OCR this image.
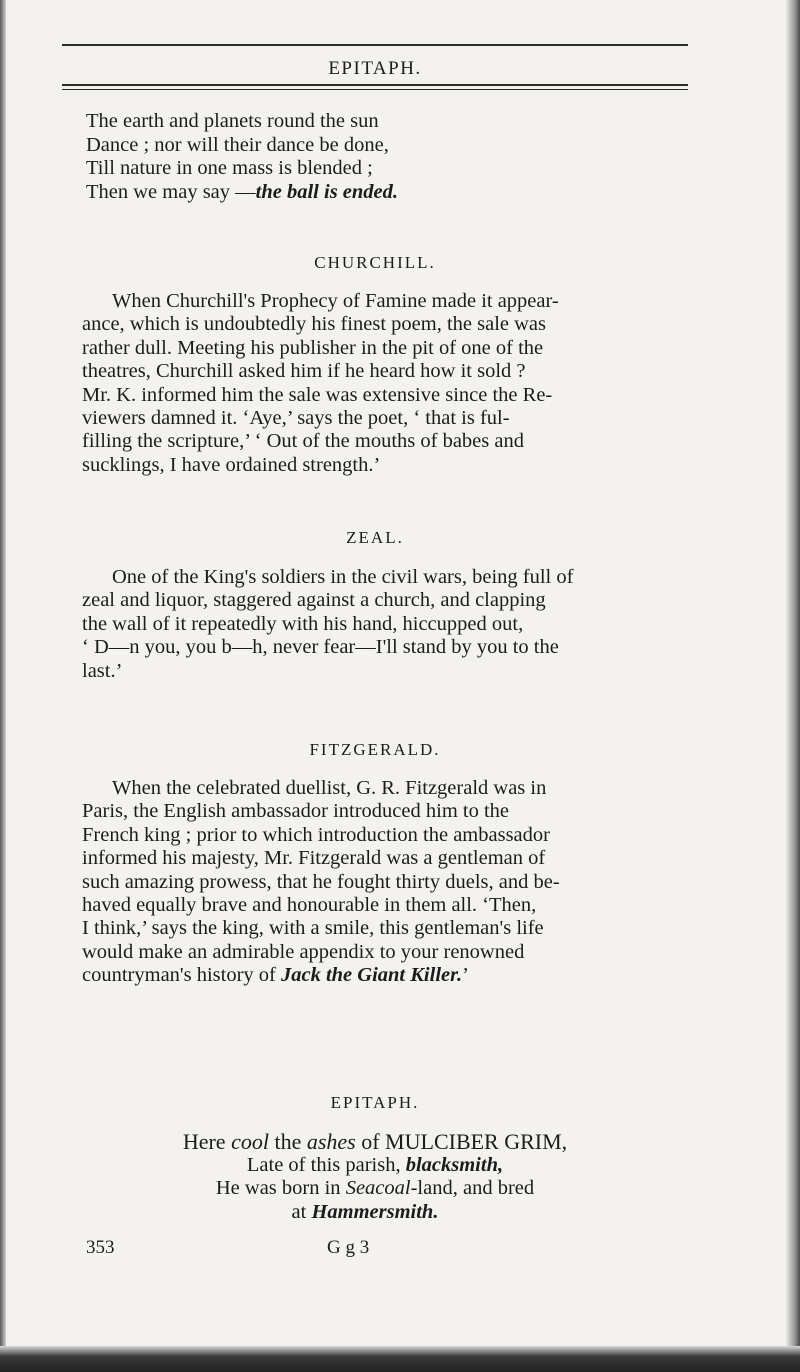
EPITAPH.
The earth and planets round the sun
Dance ; nor will their dance be done,
Till nature in one mass is blended ;
Then we may say —the ball is ended.
CHURCHILL.
When Churchill's Prophecy of Famine made it appear-
ance, which is undoubtedly his finest poem, the sale was
rather dull. Meeting his publisher in the pit of one of the
theatres, Churchill asked him if he heard how it sold ?
Mr. K. informed him the sale was extensive since the Re-
viewers damned it. ‘Aye,’ says the poet, ‘ that is ful-
filling the scripture,’ ‘ Out of the mouths of babes and
sucklings, I have ordained strength.’
ZEAL.
One of the King's soldiers in the civil wars, being full of
zeal and liquor, staggered against a church, and clapping
the wall of it repeatedly with his hand, hiccupped out,
‘ D—n you, you b—h, never fear—I'll stand by you to the
last.’
FITZGERALD.
When the celebrated duellist, G. R. Fitzgerald was in
Paris, the English ambassador introduced him to the
French king ; prior to which introduction the ambassador
informed his majesty, Mr. Fitzgerald was a gentleman of
such amazing prowess, that he fought thirty duels, and be-
haved equally brave and honourable in them all. ‘Then,
I think,’ says the king, with a smile, this gentleman's life
would make an admirable appendix to your renowned
countryman's history of Jack the Giant Killer.’
EPITAPH.
Here cool the ashes of MULCIBER GRIM,
Late of this parish, blacksmith,
He was born in Seacoal-land, and bred
at Hammersmith.
353	G g 3
